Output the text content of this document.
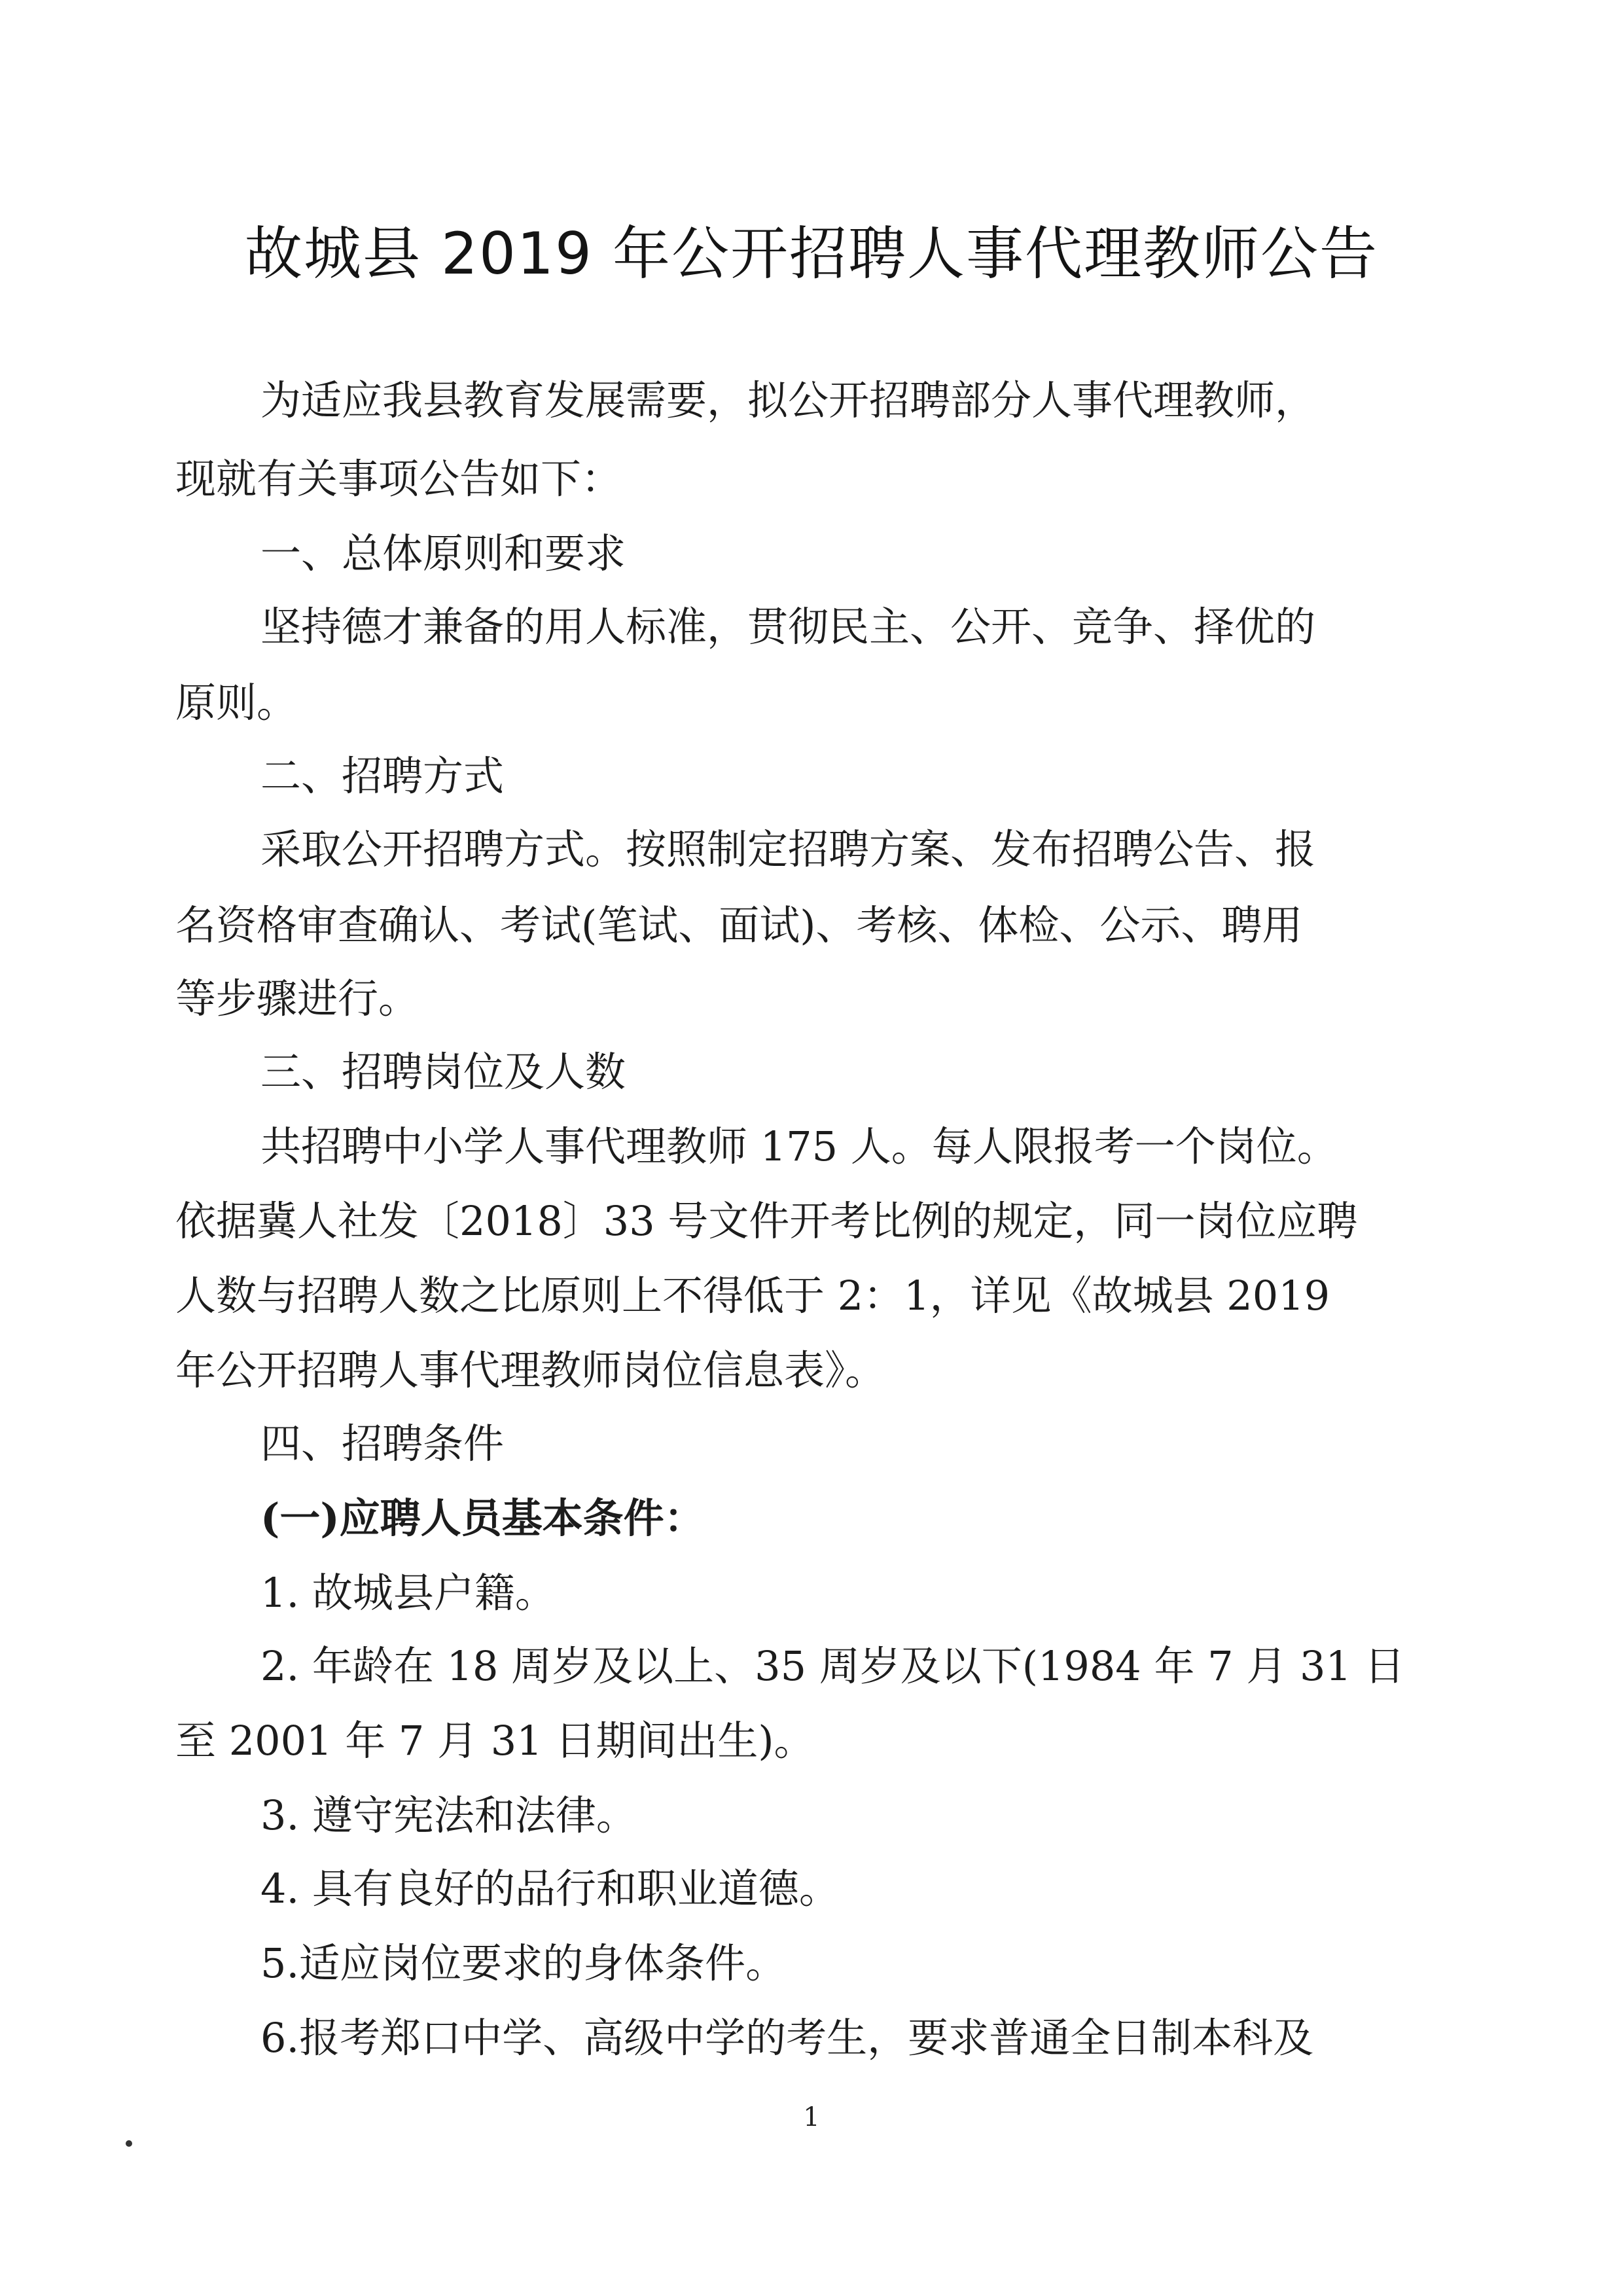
故城县 2019 年公开招聘人事代理教师公告
为适应我县教育发展需要，拟公开招聘部分人事代理教师，
现就有关事项公告如下：
一、总体原则和要求
坚持德才兼备的用人标准，贯彻民主、公开、竞争、择优的
原则。
二、招聘方式
采取公开招聘方式。按照制定招聘方案、发布招聘公告、报
名资格审查确认、考试(笔试、面试)、考核、体检、公示、聘用
等步骤进行。
三、招聘岗位及人数
共招聘中小学人事代理教师 175 人。每人限报考一个岗位。
依据冀人社发〔2018〕33 号文件开考比例的规定，同一岗位应聘
人数与招聘人数之比原则上不得低于 2：1，详见《故城县 2019
年公开招聘人事代理教师岗位信息表》。
四、招聘条件
(一)应聘人员基本条件：
1. 故城县户籍。
2. 年龄在 18 周岁及以上、35 周岁及以下(1984 年 7 月 31 日
至 2001 年 7 月 31 日期间出生)。
3. 遵守宪法和法律。
4. 具有良好的品行和职业道德。
5.适应岗位要求的身体条件。
6.报考郑口中学、高级中学的考生，要求普通全日制本科及
1
